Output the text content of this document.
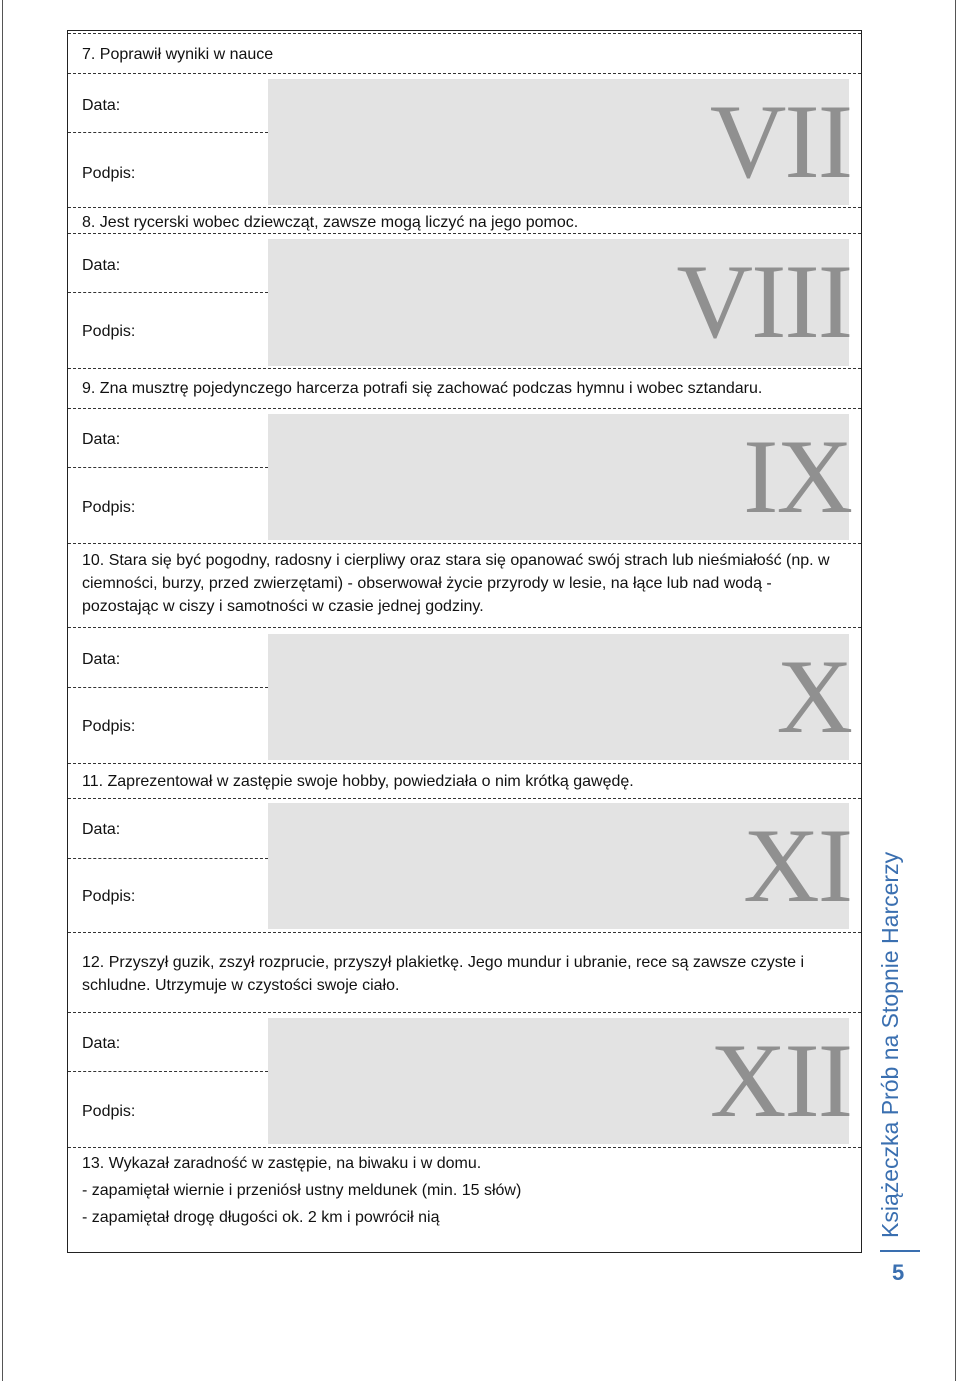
7. Poprawił wyniki w nauce
Data:
Podpis:	VII
8. Jest rycerski wobec dziewcząt, zawsze mogą liczyć na jego pomoc.
Data:
Podpis:	VIII
9. Zna musztrę pojedynczego harcerza potrafi się zachować podczas hymnu i wobec sztandaru.
Data:
Podpis:	IX
10. Stara się być pogodny, radosny i cierpliwy oraz stara się opanować swój strach lub nieśmiałość (np. w ciemności, burzy, przed zwierzętami) - obserwował życie przyrody w lesie, na łące lub nad wodą - pozostając w ciszy i samotności w czasie jednej godziny.
Data:
Podpis:	X
11. Zaprezentował w zastępie swoje hobby, powiedziała o nim krótką gawędę.
Data:
Podpis:	XI
12. Przyszył guzik, zszył rozprucie, przyszył plakietkę. Jego mundur i ubranie, rece są zawsze czyste i schludne. Utrzymuje w czystości swoje ciało.
Data:
Podpis:	XII
13. Wykazał zaradność w zastępie, na biwaku i w domu.
- zapamiętał wiernie i przeniósł ustny meldunek (min. 15 słów)
- zapamiętał drogę długości ok. 2 km i powrócił nią	Książeczka Prób na Stopnie Harcerzy
5
